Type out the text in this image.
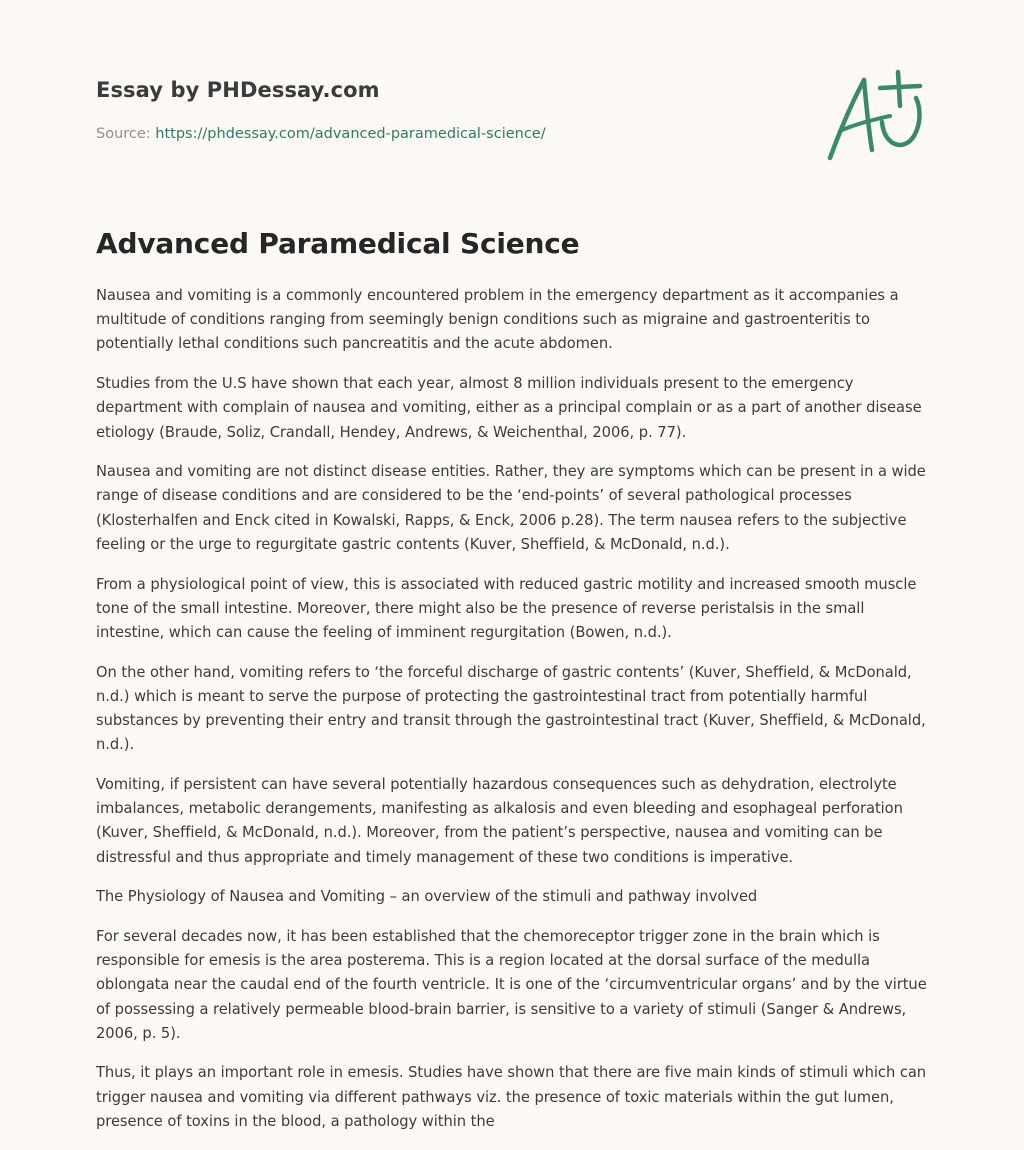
Essay by PHDessay.com
Source: https://phdessay.com/advanced-paramedical-science/
Advanced Paramedical Science

Nausea and vomiting is a commonly encountered problem in the emergency department as it accompanies a multitude of conditions ranging from seemingly benign conditions such as migraine and gastroenteritis to potentially lethal conditions such pancreatitis and the acute abdomen.

Studies from the U.S have shown that each year, almost 8 million individuals present to the emergency department with complain of nausea and vomiting, either as a principal complain or as a part of another disease etiology (Braude, Soliz, Crandall, Hendey, Andrews, & Weichenthal, 2006, p. 77).

Nausea and vomiting are not distinct disease entities. Rather, they are symptoms which can be present in a wide range of disease conditions and are considered to be the ‘end-points’ of several pathological processes (Klosterhalfen and Enck cited in Kowalski, Rapps, & Enck, 2006 p.28). The term nausea refers to the subjective feeling or the urge to regurgitate gastric contents (Kuver, Sheffield, & McDonald, n.d.).

From a physiological point of view, this is associated with reduced gastric motility and increased smooth muscle tone of the small intestine. Moreover, there might also be the presence of reverse peristalsis in the small intestine, which can cause the feeling of imminent regurgitation (Bowen, n.d.).

On the other hand, vomiting refers to ‘the forceful discharge of gastric contents’ (Kuver, Sheffield, & McDonald, n.d.) which is meant to serve the purpose of protecting the gastrointestinal tract from potentially harmful substances by preventing their entry and transit through the gastrointestinal tract (Kuver, Sheffield, & McDonald, n.d.).

Vomiting, if persistent can have several potentially hazardous consequences such as dehydration, electrolyte imbalances, metabolic derangements, manifesting as alkalosis and even bleeding and esophageal perforation (Kuver, Sheffield, & McDonald, n.d.). Moreover, from the patient’s perspective, nausea and vomiting can be distressful and thus appropriate and timely management of these two conditions is imperative.

The Physiology of Nausea and Vomiting – an overview of the stimuli and pathway involved

For several decades now, it has been established that the chemoreceptor trigger zone in the brain which is responsible for emesis is the area posterema. This is a region located at the dorsal surface of the medulla oblongata near the caudal end of the fourth ventricle. It is one of the ‘circumventricular organs’ and by the virtue of possessing a relatively permeable blood-brain barrier, is sensitive to a variety of stimuli (Sanger & Andrews, 2006, p. 5).

Thus, it plays an important role in emesis. Studies have shown that there are five main kinds of stimuli which can trigger nausea and vomiting via different pathways viz. the presence of toxic materials within the gut lumen, presence of toxins in the blood, a pathology within the
